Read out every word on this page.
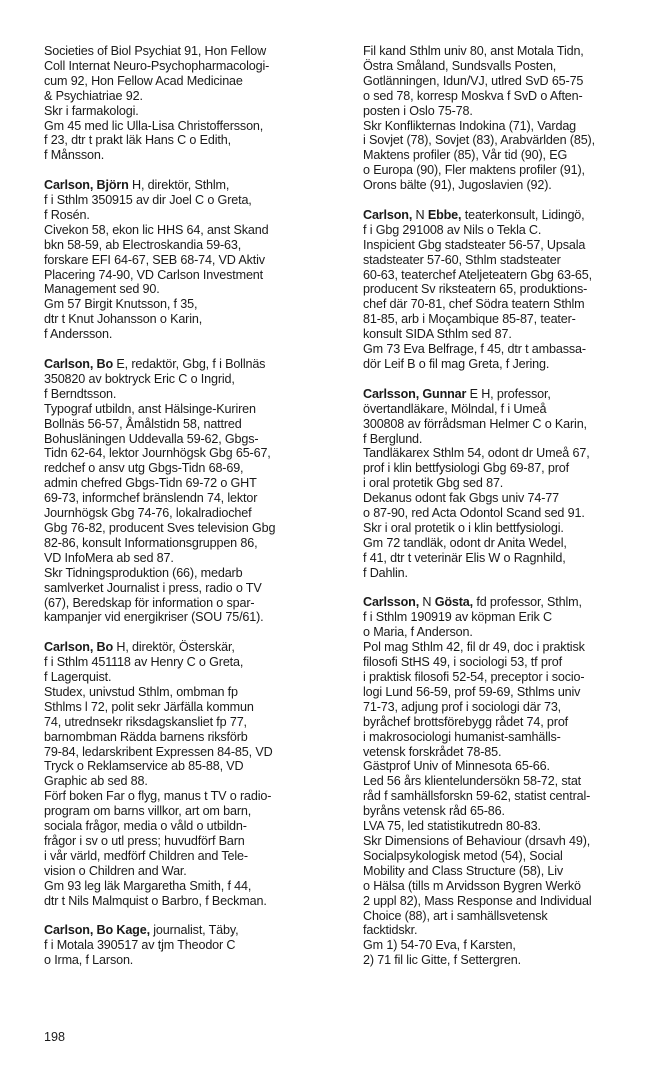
Societies of Biol Psychiat 91, Hon Fellow
Coll Internat Neuro-Psychopharmacologi-
cum 92, Hon Fellow Acad Medicinae
& Psychiatriae 92.
Skr i farmakologi.
Gm 45 med lic Ulla-Lisa Christoffersson,
f 23, dtr t prakt läk Hans C o Edith,
f Månsson.
Carlson, Björn H, direktör, Sthlm,
f i Sthlm 350915 av dir Joel C o Greta,
f Rosén.
Civekon 58, ekon lic HHS 64, anst Skand
bkn 58-59, ab Electroskandia 59-63,
forskare EFI 64-67, SEB 68-74, VD Aktiv
Placering 74-90, VD Carlson Investment
Management sed 90.
Gm 57 Birgit Knutsson, f 35,
dtr t Knut Johansson o Karin,
f Andersson.
Carlson, Bo E, redaktör, Gbg, f i Bollnäs
350820 av boktryck Eric C o Ingrid,
f Berndtsson.
Typograf utbildn, anst Hälsinge-Kuriren
Bollnäs 56-57, Åmålstidn 58, nattred
Bohusläningen Uddevalla 59-62, Gbgs-
Tidn 62-64, lektor Journhögsk Gbg 65-67,
redchef o ansv utg Gbgs-Tidn 68-69,
admin chefred Gbgs-Tidn 69-72 o GHT
69-73, informchef bränslendn 74, lektor
Journhögsk Gbg 74-76, lokalradiochef
Gbg 76-82, producent Sves television Gbg
82-86, konsult Informationsgruppen 86,
VD InfoMera ab sed 87.
Skr Tidningsproduktion (66), medarb
samlverket Journalist i press, radio o TV
(67), Beredskap för information o spar-
kampanjer vid energikriser (SOU 75/61).
Carlson, Bo H, direktör, Österskär,
f i Sthlm 451118 av Henry C o Greta,
f Lagerquist.
Studex, univstud Sthlm, ombman fp
Sthlms l 72, polit sekr Järfälla kommun
74, utrednsekr riksdagskansliet fp 77,
barnombman Rädda barnens riksförb
79-84, ledarskribent Expressen 84-85, VD
Tryck o Reklamservice ab 85-88, VD
Graphic ab sed 88.
Förf boken Far o flyg, manus t TV o radio-
program om barns villkor, art om barn,
sociala frågor, media o våld o utbildn-
frågor i sv o utl press; huvudförf Barn
i vår värld, medförf Children and Tele-
vision o Children and War.
Gm 93 leg läk Margaretha Smith, f 44,
dtr t Nils Malmquist o Barbro, f Beckman.
Carlson, Bo Kage, journalist, Täby,
f i Motala 390517 av tjm Theodor C
o Irma, f Larson.
Fil kand Sthlm univ 80, anst Motala Tidn,
Östra Småland, Sundsvalls Posten,
Gotlänningen, Idun/VJ, utlred SvD 65-75
o sed 78, korresp Moskva f SvD o Aften-
posten i Oslo 75-78.
Skr Konflikternas Indokina (71), Vardag
i Sovjet (78), Sovjet (83), Arabvärlden (85),
Maktens profiler (85), Vår tid (90), EG
o Europa (90), Fler maktens profiler (91),
Orons bälte (91), Jugoslavien (92).
Carlson, N Ebbe, teaterkonsult, Lidingö,
f i Gbg 291008 av Nils o Tekla C.
Inspicient Gbg stadsteater 56-57, Upsala
stadsteater 57-60, Sthlm stadsteater
60-63, teaterchef Ateljeteatern Gbg 63-65,
producent Sv riksteatern 65, produktions-
chef där 70-81, chef Södra teatern Sthlm
81-85, arb i Moçambique 85-87, teater-
konsult SIDA Sthlm sed 87.
Gm 73 Eva Belfrage, f 45, dtr t ambassa-
dör Leif B o fil mag Greta, f Jering.
Carlsson, Gunnar E H, professor,
övertandläkare, Mölndal, f i Umeå
300808 av förrådsman Helmer C o Karin,
f Berglund.
Tandläkarex Sthlm 54, odont dr Umeå 67,
prof i klin bettfysiologi Gbg 69-87, prof
i oral protetik Gbg sed 87.
Dekanus odont fak Gbgs univ 74-77
o 87-90, red Acta Odontol Scand sed 91.
Skr i oral protetik o i klin bettfysiologi.
Gm 72 tandläk, odont dr Anita Wedel,
f 41, dtr t veterinär Elis W o Ragnhild,
f Dahlin.
Carlsson, N Gösta, fd professor, Sthlm,
f i Sthlm 190919 av köpman Erik C
o Maria, f Anderson.
Pol mag Sthlm 42, fil dr 49, doc i praktisk
filosofi StHS 49, i sociologi 53, tf prof
i praktisk filosofi 52-54, preceptor i socio-
logi Lund 56-59, prof 59-69, Sthlms univ
71-73, adjung prof i sociologi där 73,
byråchef brottsförebygg rådet 74, prof
i makrosociologi humanist-samhälls-
vetensk forskrådet 78-85.
Gästprof Univ of Minnesota 65-66.
Led 56 års klientelundersökn 58-72, stat
råd f samhällsforskn 59-62, statist central-
byråns vetensk råd 65-86.
LVA 75, led statistikutredn 80-83.
Skr Dimensions of Behaviour (drsavh 49),
Socialpsykologisk metod (54), Social
Mobility and Class Structure (58), Liv
o Hälsa (tills m Arvidsson Bygren Werkö
2 uppl 82), Mass Response and Individual
Choice (88), art i samhällsvetensk
facktidskr.
Gm 1) 54-70 Eva, f Karsten,
2) 71 fil lic Gitte, f Settergren.
198
